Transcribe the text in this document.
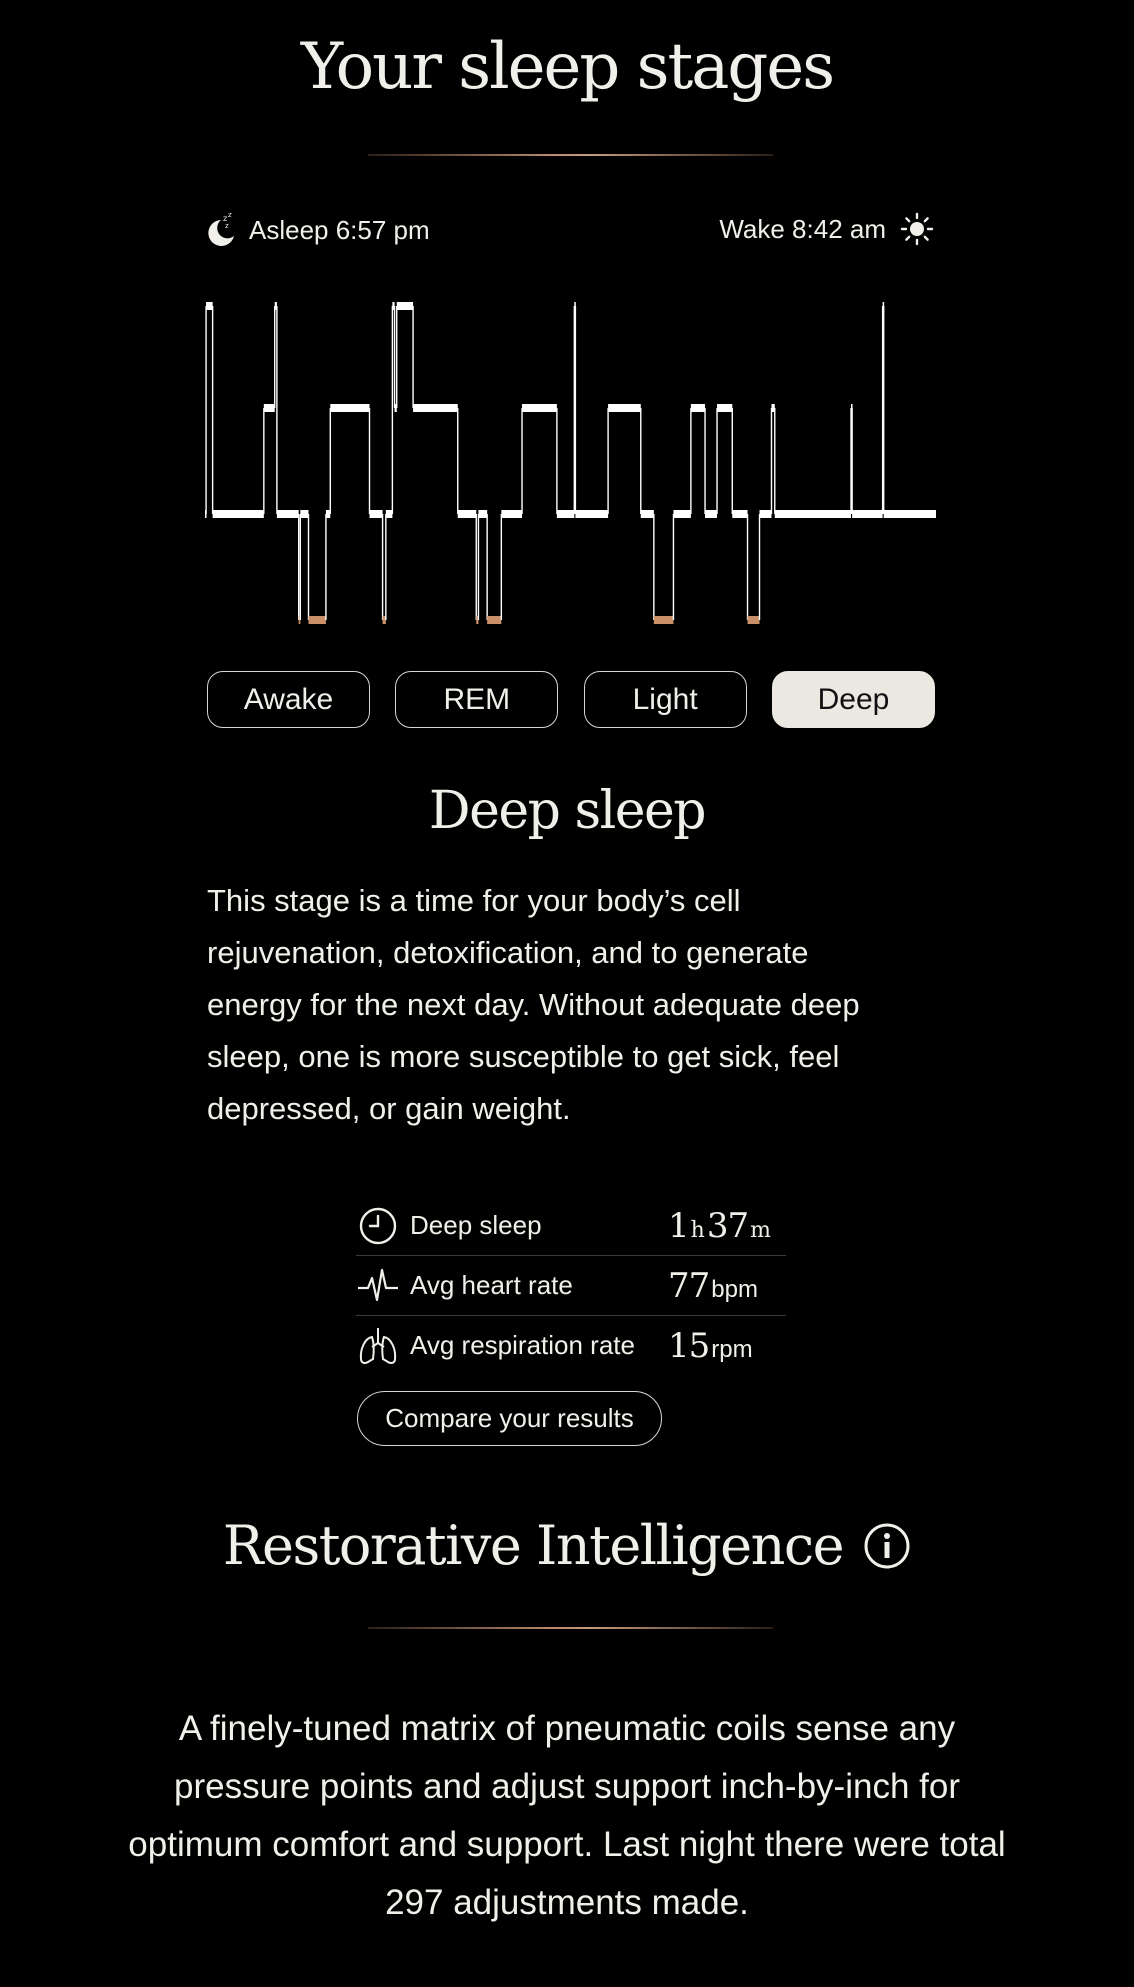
Your sleep stages
z z
z Asleep 6:57 pm	Wake 8:42 am
Awake	REM	Light	Deep
Deep sleep
This stage is a time for your body’s cell rejuvenation, detoxification, and to generate energy for the next day. Without adequate deep sleep, one is more susceptible to get sick, feel depressed, or gain weight.
Deep sleep	1 h 37 m
Avg heart rate	77 bpm
Avg respiration rate 15 rpm
Compare your results
Restorative Intelligence
A finely-tuned matrix of pneumatic coils sense any pressure points and adjust support inch-by-inch for optimum comfort and support. Last night there were total 297 adjustments made.
